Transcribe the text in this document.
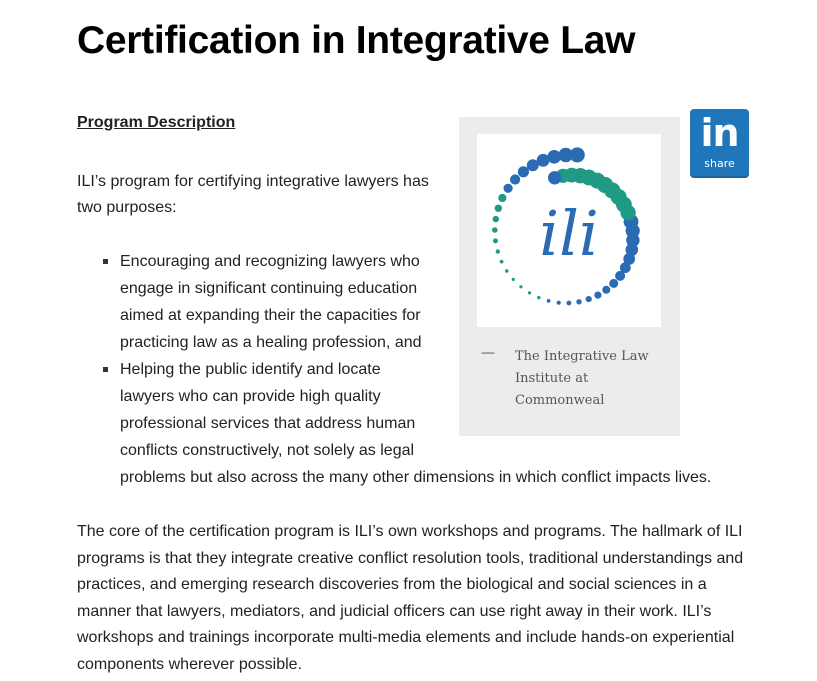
Certification in Integrative Law
Program Description

ILI’s program for certifying integrative lawyers has two purposes:

Encouraging and recognizing lawyers who engage in significant continuing education aimed at expanding their the capacities for practicing law as a healing profession, and
Helping the public identify and locate lawyers who can provide high quality professional services that address human conflicts constructively, not solely as legal
problems but also across the many other dimensions in which conflict impacts lives.
ili
— The Integrative Law Institute at Commonweal

in
share

The core of the certification program is ILI’s own workshops and programs. The hallmark of ILI programs is that they integrate creative conflict resolution tools, traditional understandings and practices, and emerging research discoveries from the biological and social sciences in a manner that lawyers, mediators, and judicial officers can use right away in their work. ILI’s workshops and trainings incorporate multi-media elements and include hands-on experiential components wherever possible.
